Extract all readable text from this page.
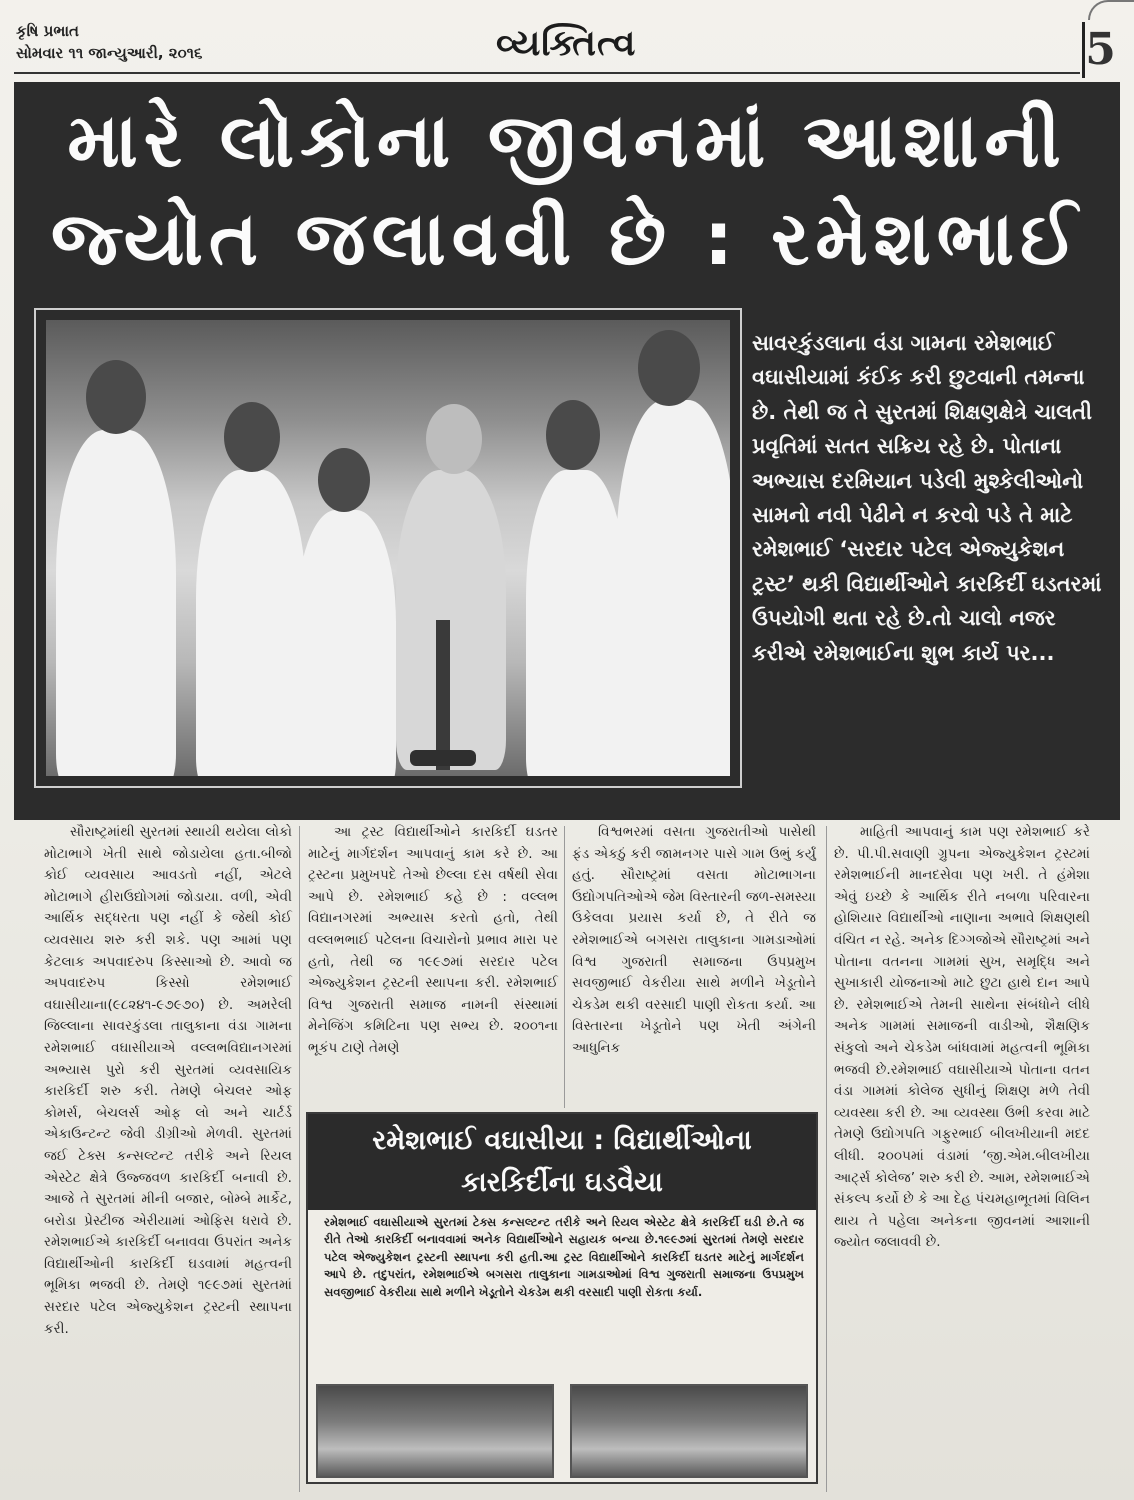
કૃષિ પ્રભાત
સોમવાર ૧૧ જાન્યુઆરી, ૨૦૧૬	વ્યક્તિત્વ	5
મારે લોકોના જીવનમાં આશાની
જ્યોત જલાવવી છે : રમેશભાઈ
સાવરકુંડલાના વંડા ગામના રમેશભાઈ વઘાસીયામાં કંઈક કરી છુટવાની તમન્ના છે. તેથી જ તે સુરતમાં શિક્ષણક્ષેત્રે ચાલતી પ્રવૃતિમાં સતત સક્રિય રહે છે. પોતાના અભ્યાસ દરમિયાન પડેલી મુશ્કેલીઓનો સામનો નવી પેઢીને ન કરવો પડે તે માટે રમેશભાઈ ‘સરદાર પટેલ એજ્યુકેશન ટ્રસ્ટ’ થકી વિદ્યાર્થીઓને કારકિર્દી ઘડતરમાં ઉપયોગી થતા રહે છે.તો ચાલો નજર કરીએ રમેશભાઈના શુભ કાર્ય પર...

સૌરાષ્ટ્રમાંથી સુરતમાં સ્થાયી થયેલા લોકો મોટાભાગે ખેતી સાથે જોડાયેલા હતા.બીજો કોઈ વ્યવસાય આવડતો નહીં, એટલે મોટાભાગે હીરાઉદ્યોગમાં જોડાયા. વળી, એવી આર્થિક સદ્ધરતા પણ નહીં કે જેથી કોઈ વ્યવસાય શરુ કરી શકે. પણ આમાં પણ કેટલાક અપવાદરુપ કિસ્સાઓ છે. આવો જ અપવાદરુપ કિસ્સો રમેશભાઈ વઘાસીયાના(૯૮૨૪૧-૯૭૯૭૦) છે. અમરેલી જિલ્લાના સાવરકુંડલા તાલુકાના વંડા ગામના રમેશભાઈ વઘાસીયાએ વલ્લભવિદ્યાનગરમાં અભ્યાસ પુરો કરી સુરતમાં વ્યવસાયિક કારકિર્દી શરુ કરી. તેમણે બેચલર ઓફ કોમર્સ, બેચલર્સ ઓફ લો અને ચાર્ટર્ડ એકાઉન્ટન્ટ જેવી ડીગ્રીઓ મેળવી. સુરતમાં જઈ ટેક્સ કન્સલ્ટન્ટ તરીકે અને રિયલ એસ્ટેટ ક્ષેત્રે ઉજ્જવળ કારકિર્દી બનાવી છે. આજે તે સુરતમાં મીની બજાર, બોમ્બે માર્કેટ, બરોડા પ્રેસ્ટીજ એરીયામાં ઓફિસ ધરાવે છે. રમેશભાઈએ કારકિર્દી બનાવવા ઉપરાંત અનેક વિદ્યાર્થીઓની કારકિર્દી ઘડવામાં મહત્વની ભૂમિકા ભજવી છે. તેમણે ૧૯૯૭માં સુરતમાં સરદાર પટેલ એજ્યુકેશન ટ્રસ્ટની સ્થાપના કરી.

આ ટ્રસ્ટ વિદ્યાર્થીઓને કારકિર્દી ઘડતર માટેનું માર્ગદર્શન આપવાનું કામ કરે છે. આ ટ્રસ્ટના પ્રમુખપદે તેઓ છેલ્લા દસ વર્ષથી સેવા આપે છે. રમેશભાઈ કહે છે : વલ્લભ વિદ્યાનગરમાં અભ્યાસ કરતો હતો, તેથી વલ્લભભાઈ પટેલના વિચારોનો પ્રભાવ મારા પર હતો, તેથી જ ૧૯૯૭માં સરદાર પટેલ એજ્યુકેશન ટ્રસ્ટની સ્થાપના કરી. રમેશભાઈ વિશ્વ ગુજરાતી સમાજ નામની સંસ્થામાં મેનેજિંગ કમિટિના પણ સભ્ય છે. ૨૦૦૧ના ભૂકંપ ટાણે તેમણે

વિશ્વભરમાં વસતા ગુજરાતીઓ પાસેથી ફંડ એકઠું કરી જામનગર પાસે ગામ ઉભું કર્યું હતું. સૌરાષ્ટ્રમાં વસતા મોટાભાગના ઉદ્યોગપતિઓએ જેમ વિસ્તારની જળ-સમસ્યા ઉકેલવા પ્રયાસ કર્યા છે, તે રીતે જ રમેશભાઈએ બગસરા તાલુકાના ગામડાઓમાં વિશ્વ ગુજરાતી સમાજના ઉપપ્રમુખ સવજીભાઈ વેકરીયા સાથે મળીને ખેડૂતોને ચેકડેમ થકી વરસાદી પાણી રોકતા કર્યા. આ વિસ્તારના ખેડૂતોને પણ ખેતી અંગેની આધુનિક

માહિતી આપવાનું કામ પણ રમેશભાઈ કરે છે. પી.પી.સવાણી ગ્રુપના એજ્યુકેશન ટ્રસ્ટમાં રમેશભાઈની માનદસેવા પણ ખરી. તે હંમેશા એવું ઇચ્છે કે આર્થિક રીતે નબળા પરિવારના હોશિયાર વિદ્યાર્થીઓ નાણાના અભાવે શિક્ષણથી વંચિત ન રહે. અનેક દિગ્ગજોએ સૌરાષ્ટ્રમાં અને પોતાના વતનના ગામમાં સુખ, સમૃદ્ધિ અને સુખાકારી યોજનાઓ માટે છુટા હાથે દાન આપે છે. રમેશભાઈએ તેમની સાથેના સંબંધોને લીધે અનેક ગામમાં સમાજની વાડીઓ, શૈક્ષણિક સંકુલો અને ચેકડેમ બાંધવામાં મહત્વની ભૂમિકા ભજવી છે.રમેશભાઈ વઘાસીયાએ પોતાના વતન વંડા ગામમાં કોલેજ સુધીનું શિક્ષણ મળે તેવી વ્યવસ્થા કરી છે. આ વ્યવસ્થા ઉભી કરવા માટે તેમણે ઉદ્યોગપતિ ગફુરભાઈ બીલખીયાની મદદ લીધી. ૨૦૦૫માં વંડામાં ‘જી.એમ.બીલખીયા આર્ટ્સ કોલેજ’ શરુ કરી છે. આમ, રમેશભાઈએ સંકલ્પ કર્યો છે કે આ દેહ પંચમહાભૂતમાં વિલિન થાય તે પહેલા અનેકના જીવનમાં આશાની જ્યોત જલાવવી છે.

રમેશભાઈ વઘાસીયા : વિદ્યાર્થીઓના
કારકિર્દીના ઘડવૈયા
રમેશભાઈ વઘાસીયાએ સુરતમાં ટેક્સ કન્સલ્ટન્ટ તરીકે અને રિયલ એસ્ટેટ ક્ષેત્રે કારકિર્દી ઘડી છે.તે જ રીતે તેઓ કારકિર્દી બનાવવામાં અનેક વિદ્યાર્થીઓને સહાયક બન્યા છે.૧૯૯૭માં સુરતમાં તેમણે સરદાર પટેલ એજ્યુકેશન ટ્રસ્ટની સ્થાપના કરી હતી.આ ટ્રસ્ટ વિદ્યાર્થીઓને કારકિર્દી ઘડતર માટેનું માર્ગદર્શન આપે છે. તદુપરાંત, રમેશભાઈએ બગસરા તાલુકાના ગામડાઓમાં વિશ્વ ગુજરાતી સમાજના ઉપપ્રમુખ સવજીભાઈ વેકરીયા સાથે મળીને ખેડૂતોને ચેકડેમ થકી વરસાદી પાણી રોકતા કર્યા.
